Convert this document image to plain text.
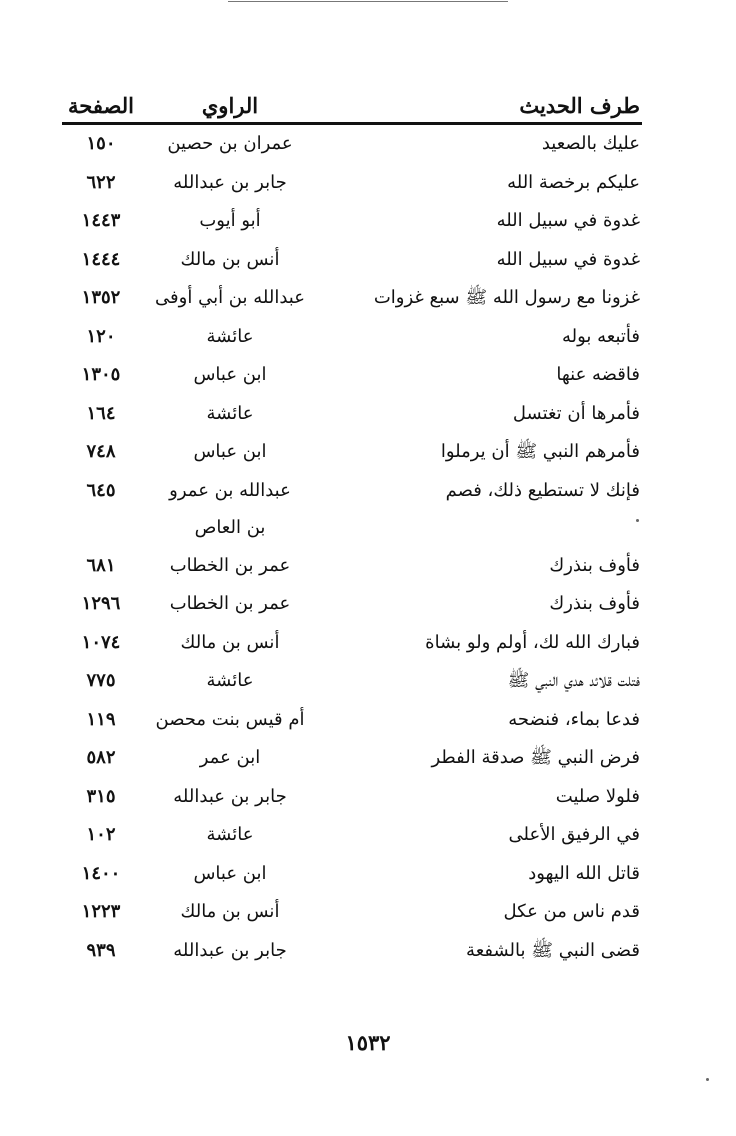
طرف الحديث
الراوي
الصفحة
عليك بالصعيد
عمران بن حصين
١٥٠
عليكم برخصة الله
جابر بن عبدالله
٦٢٢
غدوة في سبيل الله
أبو أيوب
١٤٤٣
غدوة في سبيل الله
أنس بن مالك
١٤٤٤
غزونا مع رسول الله ﷺ سبع غزوات
عبدالله بن أبي أوفى
١٣٥٢
فأتبعه بوله
عائشة
١٢٠
فاقضه عنها
ابن عباس
١٣٠٥
فأمرها أن تغتسل
عائشة
١٦٤
فأمرهم النبي ﷺ أن يرملوا
ابن عباس
٧٤٨
فإنك لا تستطيع ذلك، فصم
عبدالله بن عمرو
بن العاص
٦٤٥
فأوف بنذرك
عمر بن الخطاب
٦٨١
فأوف بنذرك
عمر بن الخطاب
١٢٩٦
فبارك الله لك، أولم ولو بشاة
أنس بن مالك
١٠٧٤
فتلت قلائد هدي النبي ﷺ
عائشة
٧٧٥
فدعا بماء، فنضحه
أم قيس بنت محصن
١١٩
فرض النبي ﷺ صدقة الفطر
ابن عمر
٥٨٢
فلولا صليت
جابر بن عبدالله
٣١٥
في الرفيق الأعلى
عائشة
١٠٢
قاتل الله اليهود
ابن عباس
١٤٠٠
قدم ناس من عكل
أنس بن مالك
١٢٢٣
قضى النبي ﷺ بالشفعة
جابر بن عبدالله
٩٣٩
١٥٣٢
